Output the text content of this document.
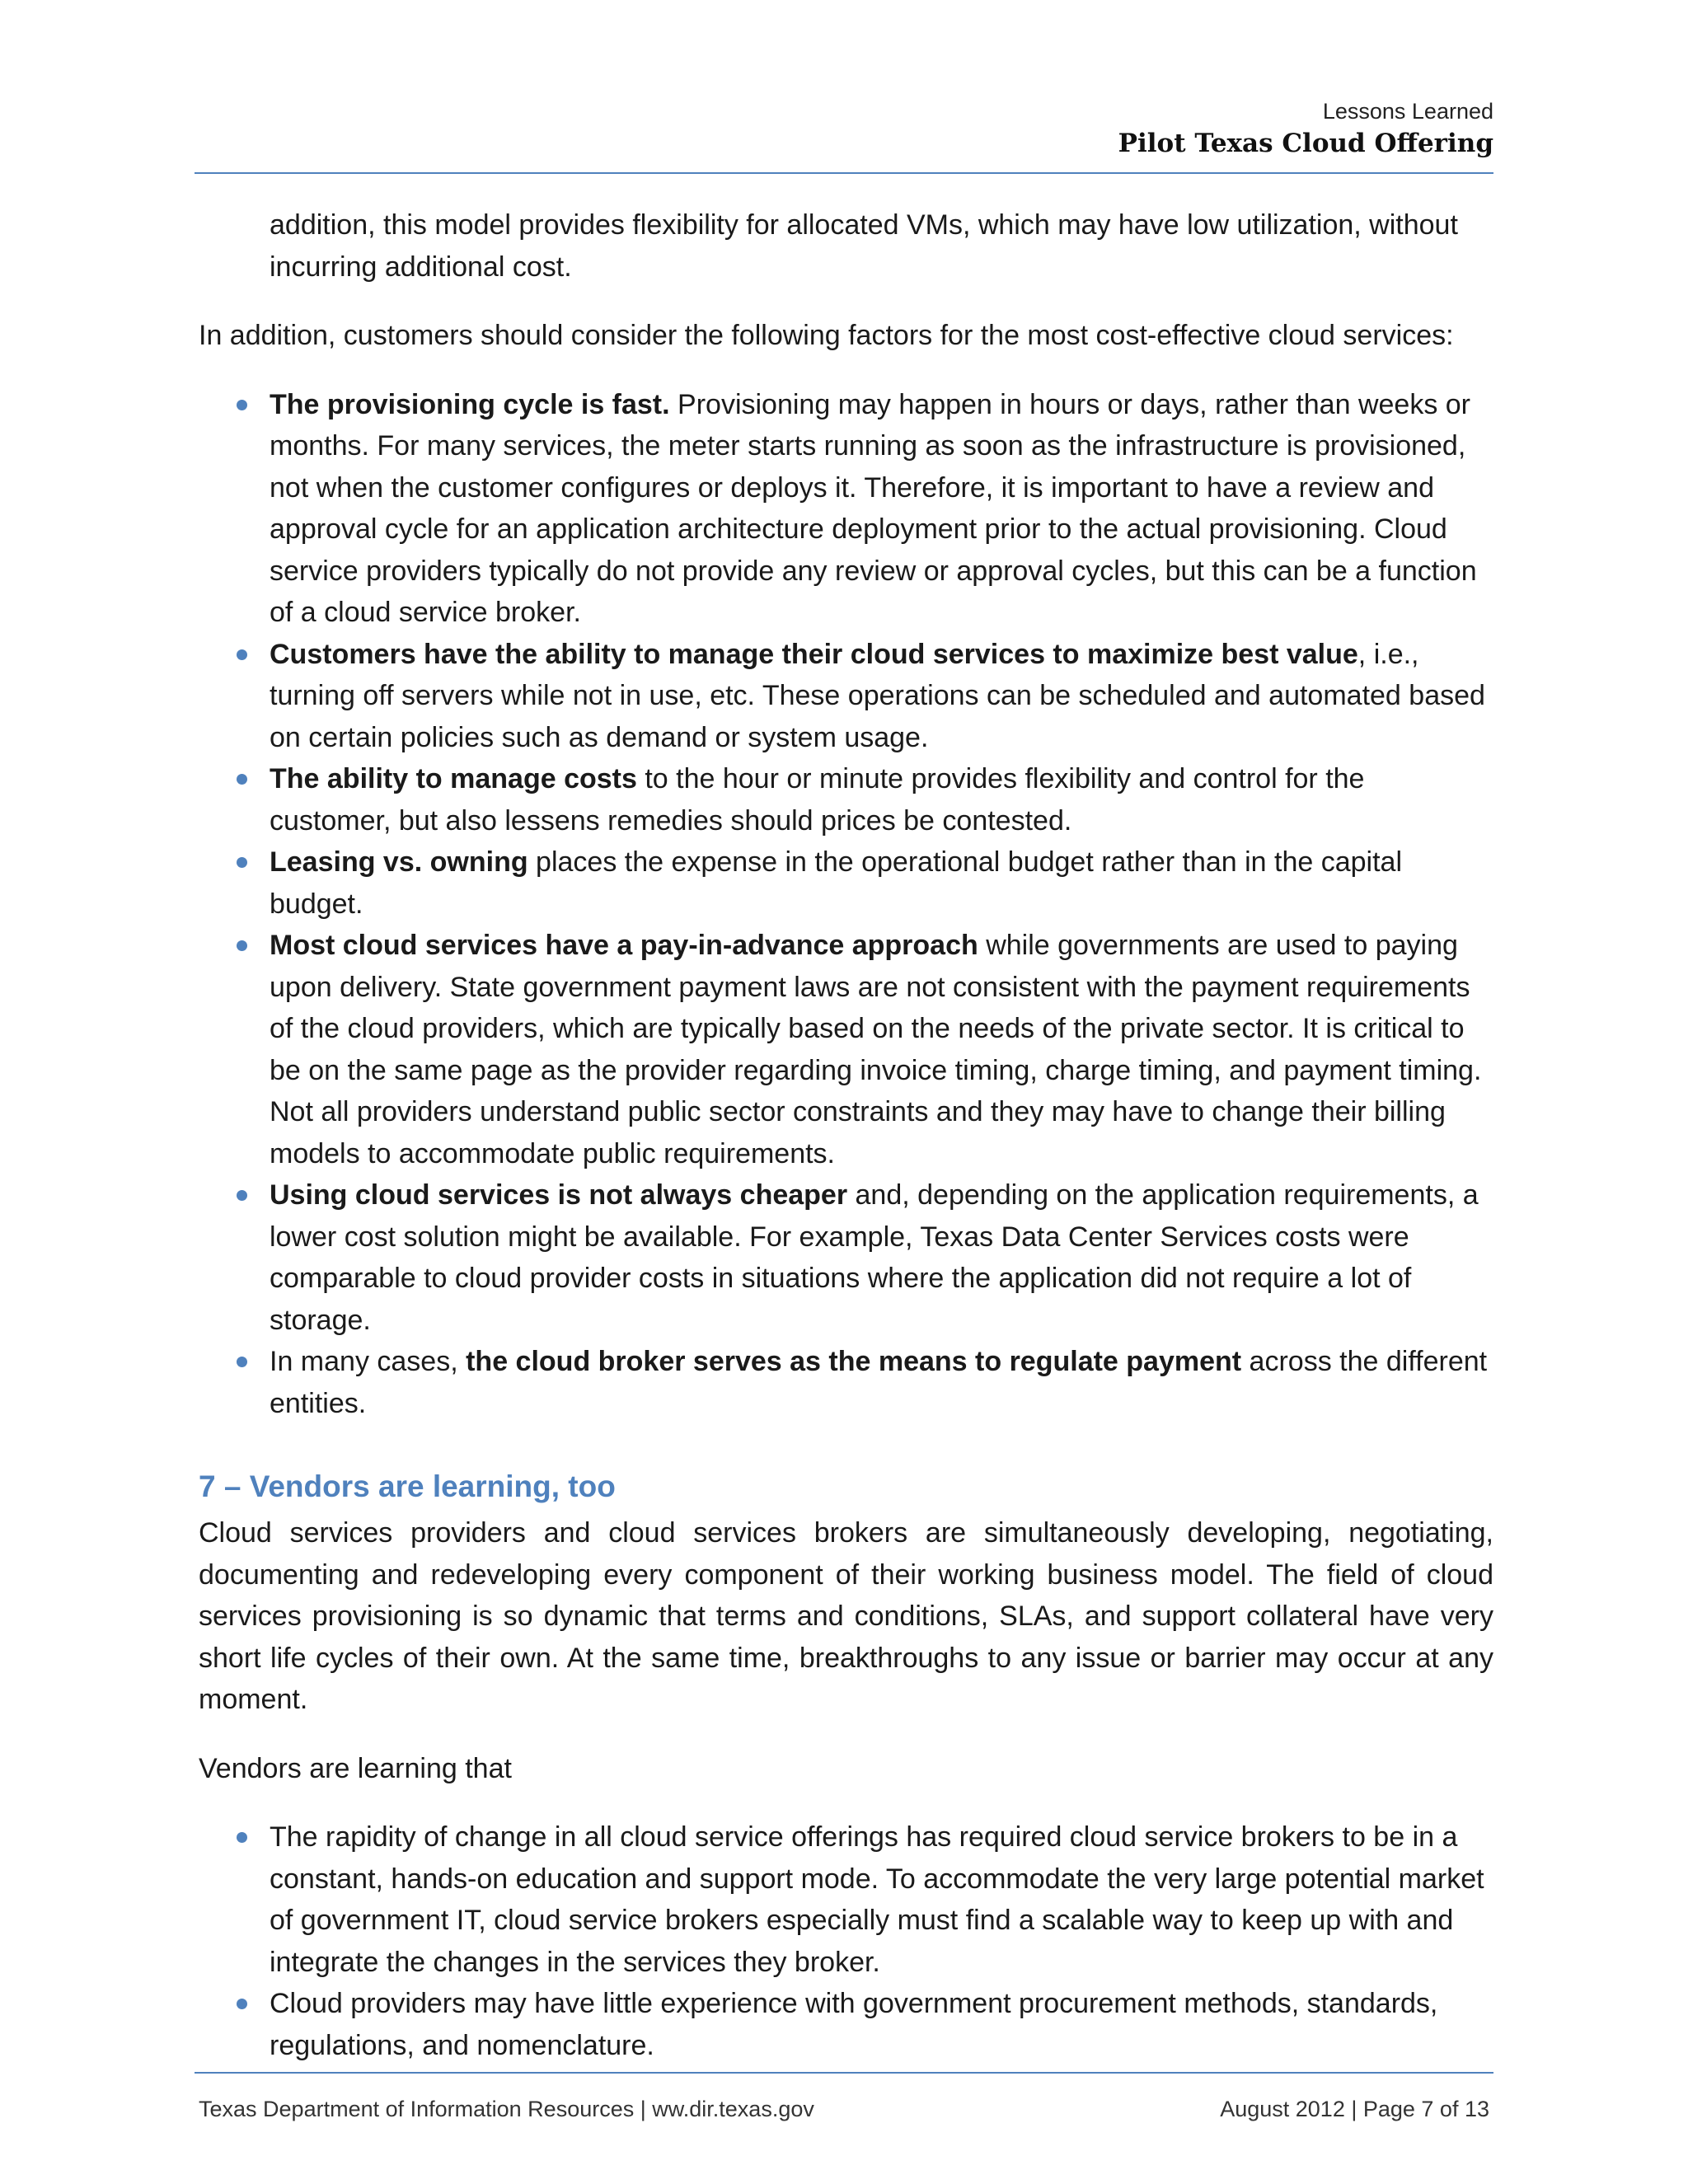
Lessons Learned
Pilot Texas Cloud Offering

addition, this model provides flexibility for allocated VMs, which may have low utilization, without incurring additional cost.

In addition, customers should consider the following factors for the most cost-effective cloud services:

The provisioning cycle is fast. Provisioning may happen in hours or days, rather than weeks or months. For many services, the meter starts running as soon as the infrastructure is provisioned, not when the customer configures or deploys it. Therefore, it is important to have a review and approval cycle for an application architecture deployment prior to the actual provisioning. Cloud service providers typically do not provide any review or approval cycles, but this can be a function of a cloud service broker.
Customers have the ability to manage their cloud services to maximize best value, i.e., turning off servers while not in use, etc. These operations can be scheduled and automated based on certain policies such as demand or system usage.
The ability to manage costs to the hour or minute provides flexibility and control for the customer, but also lessens remedies should prices be contested.
Leasing vs. owning places the expense in the operational budget rather than in the capital budget.
Most cloud services have a pay-in-advance approach while governments are used to paying upon delivery. State government payment laws are not consistent with the payment requirements of the cloud providers, which are typically based on the needs of the private sector. It is critical to be on the same page as the provider regarding invoice timing, charge timing, and payment timing. Not all providers understand public sector constraints and they may have to change their billing models to accommodate public requirements.
Using cloud services is not always cheaper and, depending on the application requirements, a lower cost solution might be available. For example, Texas Data Center Services costs were comparable to cloud provider costs in situations where the application did not require a lot of storage.
In many cases, the cloud broker serves as the means to regulate payment across the different entities.
7 – Vendors are learning, too

Cloud services providers and cloud services brokers are simultaneously developing, negotiating, documenting and redeveloping every component of their working business model. The field of cloud services provisioning is so dynamic that terms and conditions, SLAs, and support collateral have very short life cycles of their own. At the same time, breakthroughs to any issue or barrier may occur at any moment.

Vendors are learning that

The rapidity of change in all cloud service offerings has required cloud service brokers to be in a constant, hands-on education and support mode. To accommodate the very large potential market of government IT, cloud service brokers especially must find a scalable way to keep up with and integrate the changes in the services they broker.
Cloud providers may have little experience with government procurement methods, standards, regulations, and nomenclature.
Texas Department of Information Resources | ww.dir.texas.gov	August 2012 | Page 7 of 13
